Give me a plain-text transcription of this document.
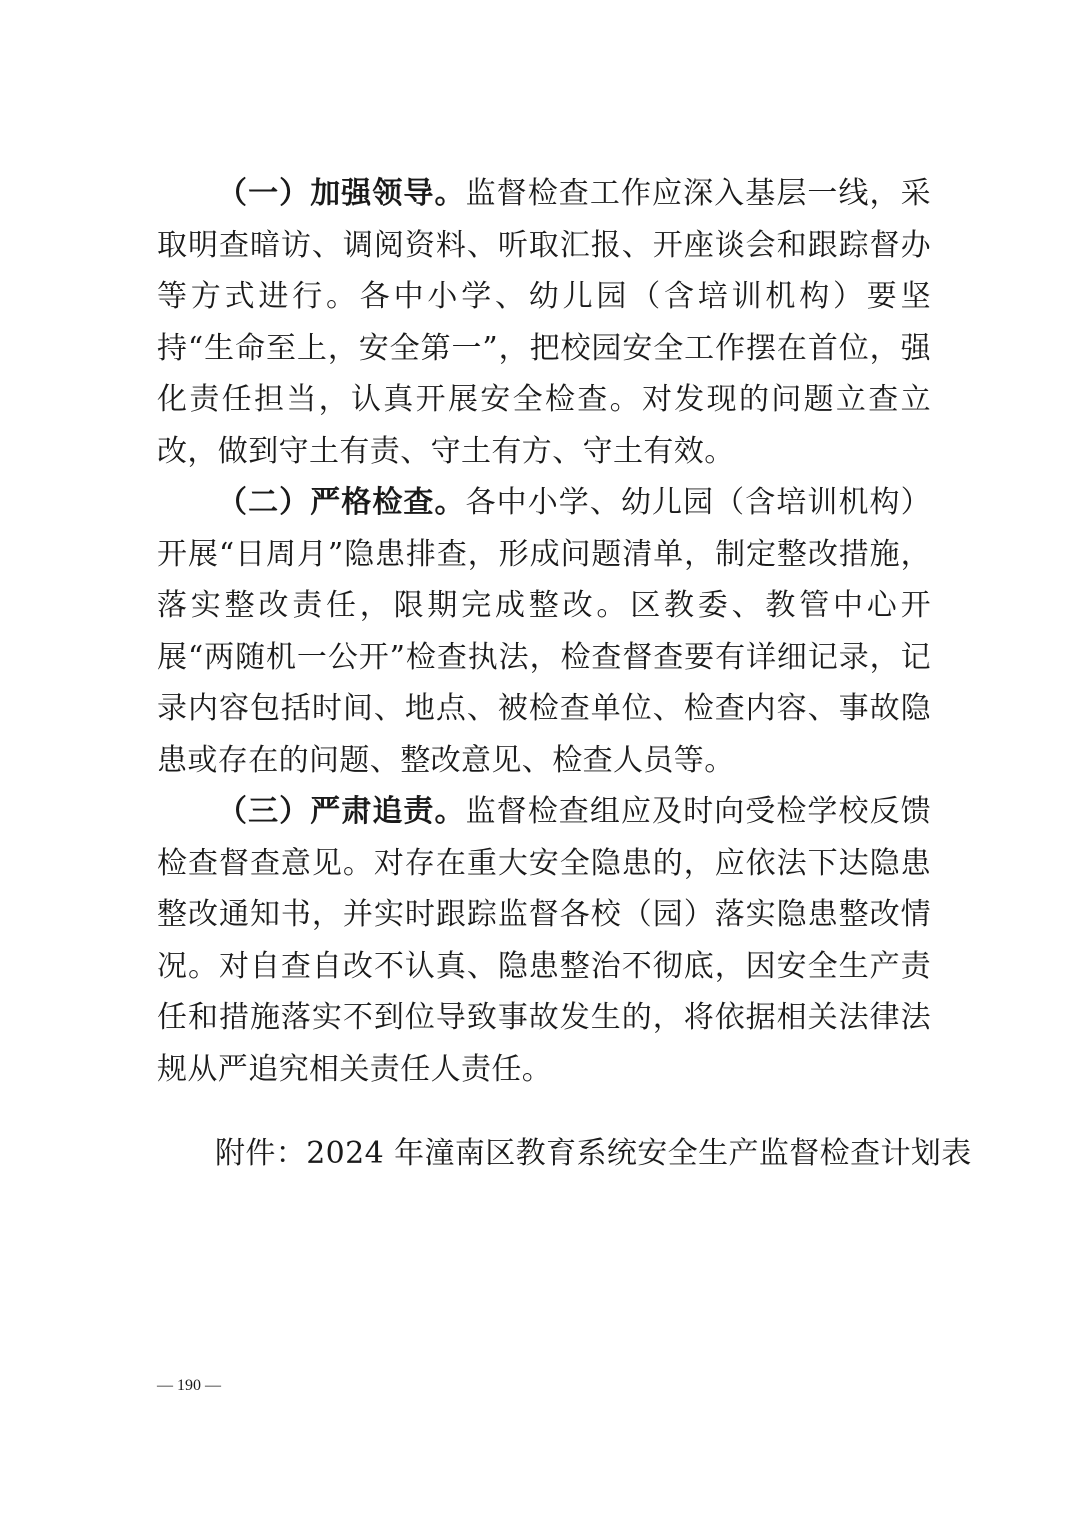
（一）加强领导。监督检查工作应深入基层一线，采取明查暗访、调阅资料、听取汇报、开座谈会和跟踪督办等方式进行。各中小学、幼儿园（含培训机构）要坚持“生命至上，安全第一”，把校园安全工作摆在首位，强化责任担当，认真开展安全检查。对发现的问题立查立改，做到守土有责、守土有方、守土有效。

（二）严格检查。各中小学、幼儿园（含培训机构）开展“日周月”隐患排查，形成问题清单，制定整改措施，落实整改责任，限期完成整改。区教委、教管中心开展“两随机一公开”检查执法，检查督查要有详细记录，记录内容包括时间、地点、被检查单位、检查内容、事故隐患或存在的问题、整改意见、检查人员等。

（三）严肃追责。监督检查组应及时向受检学校反馈检查督查意见。对存在重大安全隐患的，应依法下达隐患整改通知书，并实时跟踪监督各校（园）落实隐患整改情况。对自查自改不认真、隐患整治不彻底，因安全生产责任和措施落实不到位导致事故发生的，将依据相关法律法规从严追究相关责任人责任。

附件：2024 年潼南区教育系统安全生产监督检查计划表
— 190 —
